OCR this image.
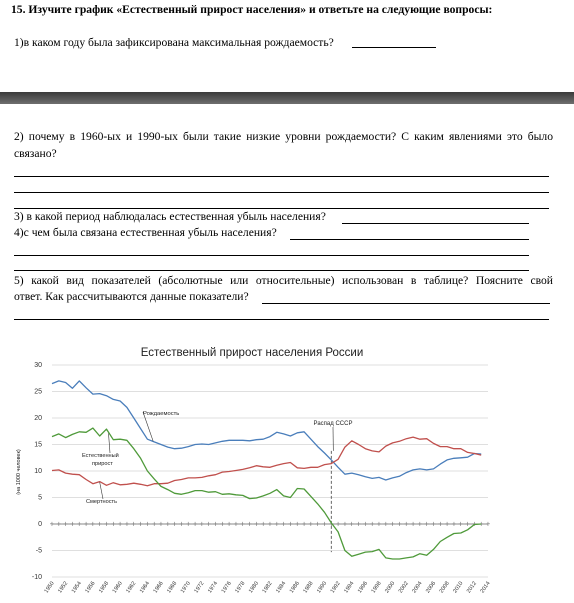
15. Изучите график «Естественный прирост населения» и ответьте на следующие вопросы:
1)в каком году была зафиксирована максимальная рождаемость?
2) почему в 1960-ых и 1990-ых были такие низкие уровни рождаемости? С каким явлениями это было
связано?
3) в какой период наблюдалась естественная убыль населения?
4)с чем была связана естественная убыль населения?
5) какой вид показателей (абсолютные или относительные) использован в таблице? Поясните свой
ответ. Как рассчитываются данные показатели?
30
25
20
15
10
5
0
-5
-10
+ + + + + + + + + + + + + + + + + + + + + + + + + + + + + + + + + + + + + + + + + + + + + + + + + + + + + + + + + + + + + + + + +
1950 1952 1954 1956 1958 1960 1962 1964 1966 1968 1970 1972 1974 1976 1978 1980 1982 1984 1986 1988 1990 1992 1994 1996 1998 2000 2002 2004 2006 2008 2010 2012 2014
Естественный прирост населения России
(на 1000 человек)
Распад СССР
Рождаемость
Естественный
прирост
Смертность
